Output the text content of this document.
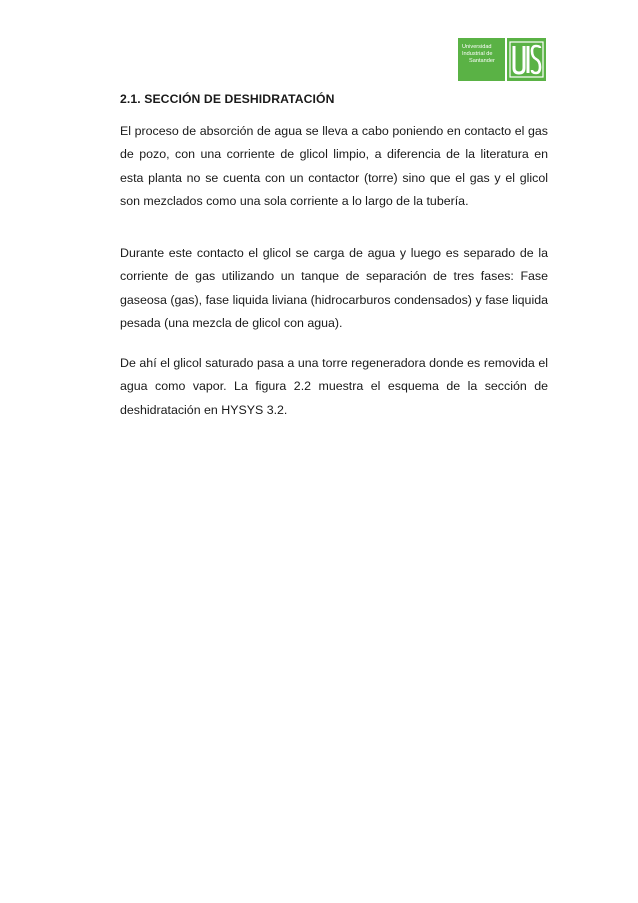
Universidad
Industrial de
Santander
2.1. SECCIÓN DE DESHIDRATACIÓN

El proceso de absorción de agua se lleva a cabo poniendo en contacto el gas de pozo, con una corriente de glicol limpio, a diferencia de la literatura en esta planta no se cuenta con un contactor (torre) sino que el gas y el glicol son mezclados como una sola corriente a lo largo de la tubería.

Durante este contacto el glicol se carga de agua y luego es separado de la corriente de gas utilizando un tanque de separación de tres fases: Fase gaseosa (gas), fase liquida liviana (hidrocarburos condensados) y fase liquida pesada (una mezcla de glicol con agua).

De ahí el glicol saturado pasa a una torre regeneradora donde es removida el agua como vapor. La figura 2.2 muestra el esquema de la sección de deshidratación en HYSYS 3.2.
